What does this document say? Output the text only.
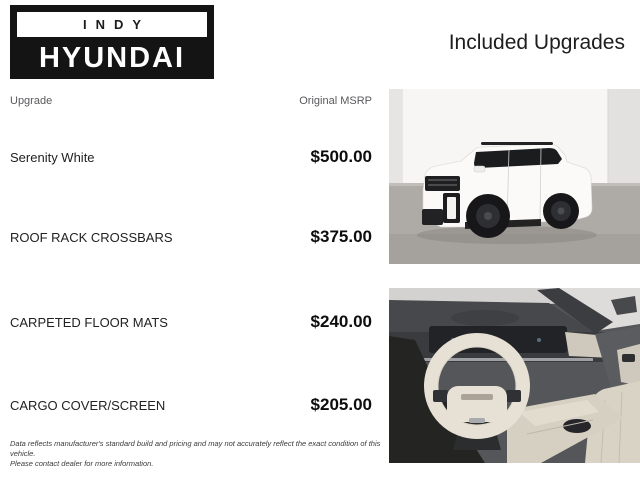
INDY
HYUNDAI	Included Upgrades
Upgrade	Original MSRP
Serenity White	$500.00
ROOF RACK CROSSBARS	$375.00
CARPETED FLOOR MATS	$240.00
CARGO COVER/SCREEN	$205.00
Data reflects manufacturer's standard build and pricing and may not accurately reflect the exact condition of this vehicle.
Please contact dealer for more information.
